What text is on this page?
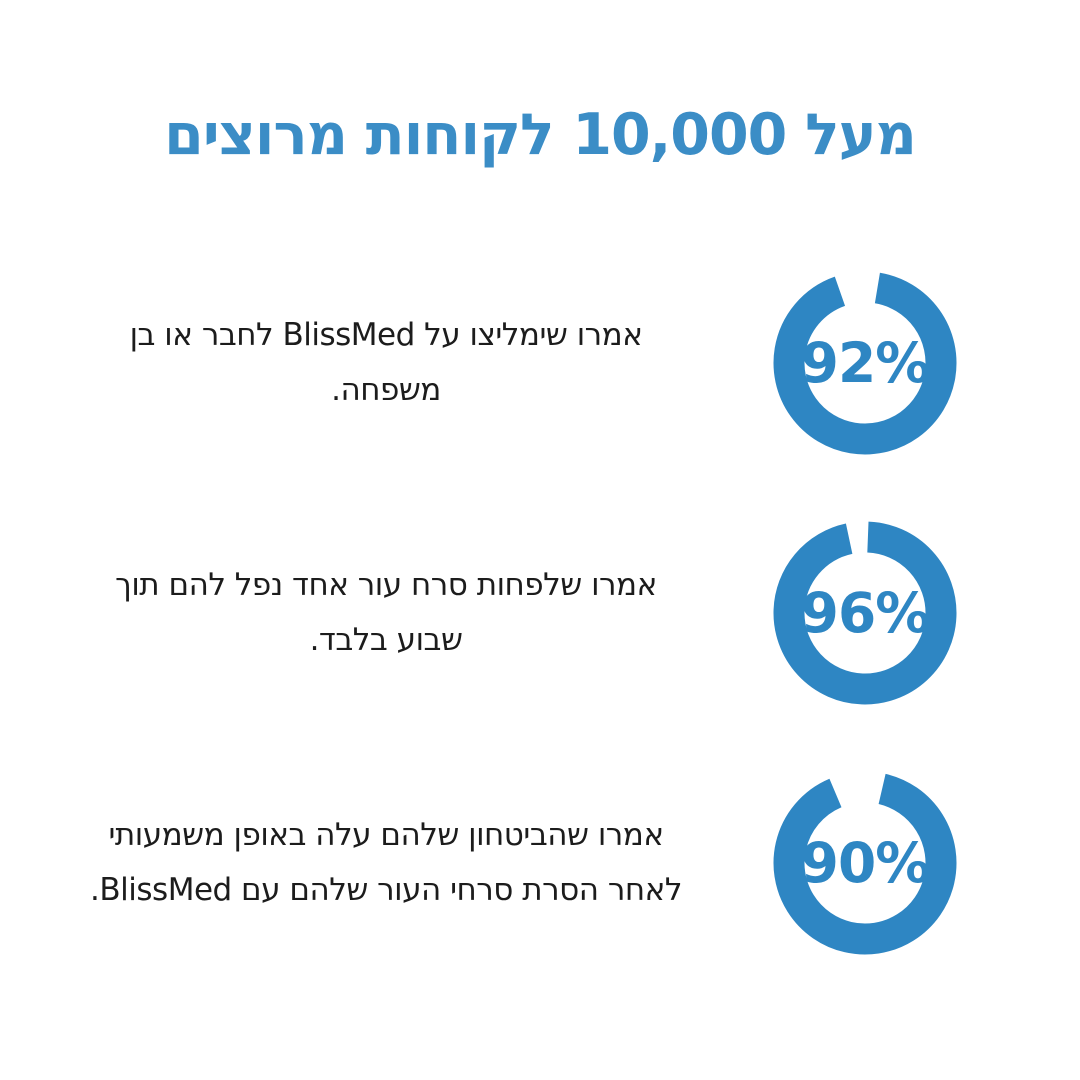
מעל 10,000 לקוחות מרוצים
92%

אמרו שימליצו על BlissMed לחבר או בן
משפחה.

96%

אמרו שלפחות סרח עור אחד נפל להם תוך
שבוע בלבד.

90%

אמרו שהביטחון שלהם עלה באופן משמעותי
לאחר הסרת סרחי העור שלהם עם BlissMed.
